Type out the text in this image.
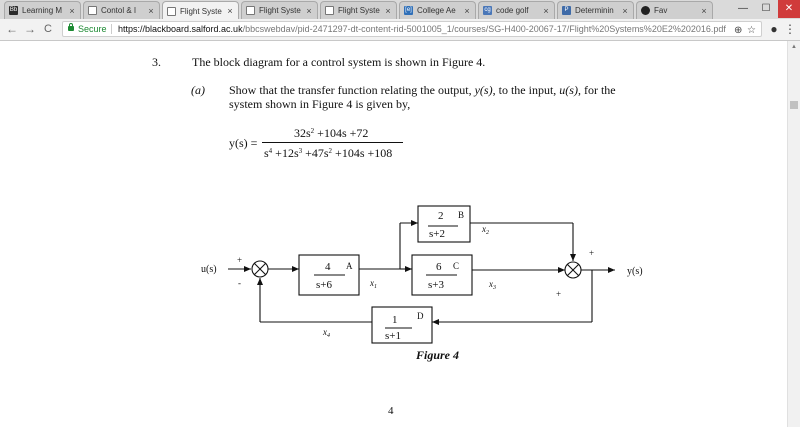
Bb Learning M ×	Contol & I	×	Flight Syste ×	Flight Syste ×	Flight Syste ×	[e] College Ae ×	cg code golf	×	P Determinin ×	Fav	×	—	☐	✕
← → C	Secure https://blackboard.salford.ac.uk/bbcswebdav/pid-2471297-dt-content-rid-5001005_1/courses/SG-H400-20067-17/Flight%20Systems%20E2%202016.pdf ⊕ ☆	● ⋮
3.	The block diagram for a control system is shown in Figure 4.
(a) Show that the transfer function relating the output, y(s), to the input, u(s), for the system shown in Figure 4 is given by,
y(s) =
$32s^2 +104s +72$
$s^4 +12s^3 +47s^2 +104s +108$
u(s)	y(s)
+
-
+
+
4
s+6
A
2
s+2
B
6
s+3
C
1
s+1
D
$x_1$
$x_2$
$x_3$
$x_4$
Figure 4
4
▲
